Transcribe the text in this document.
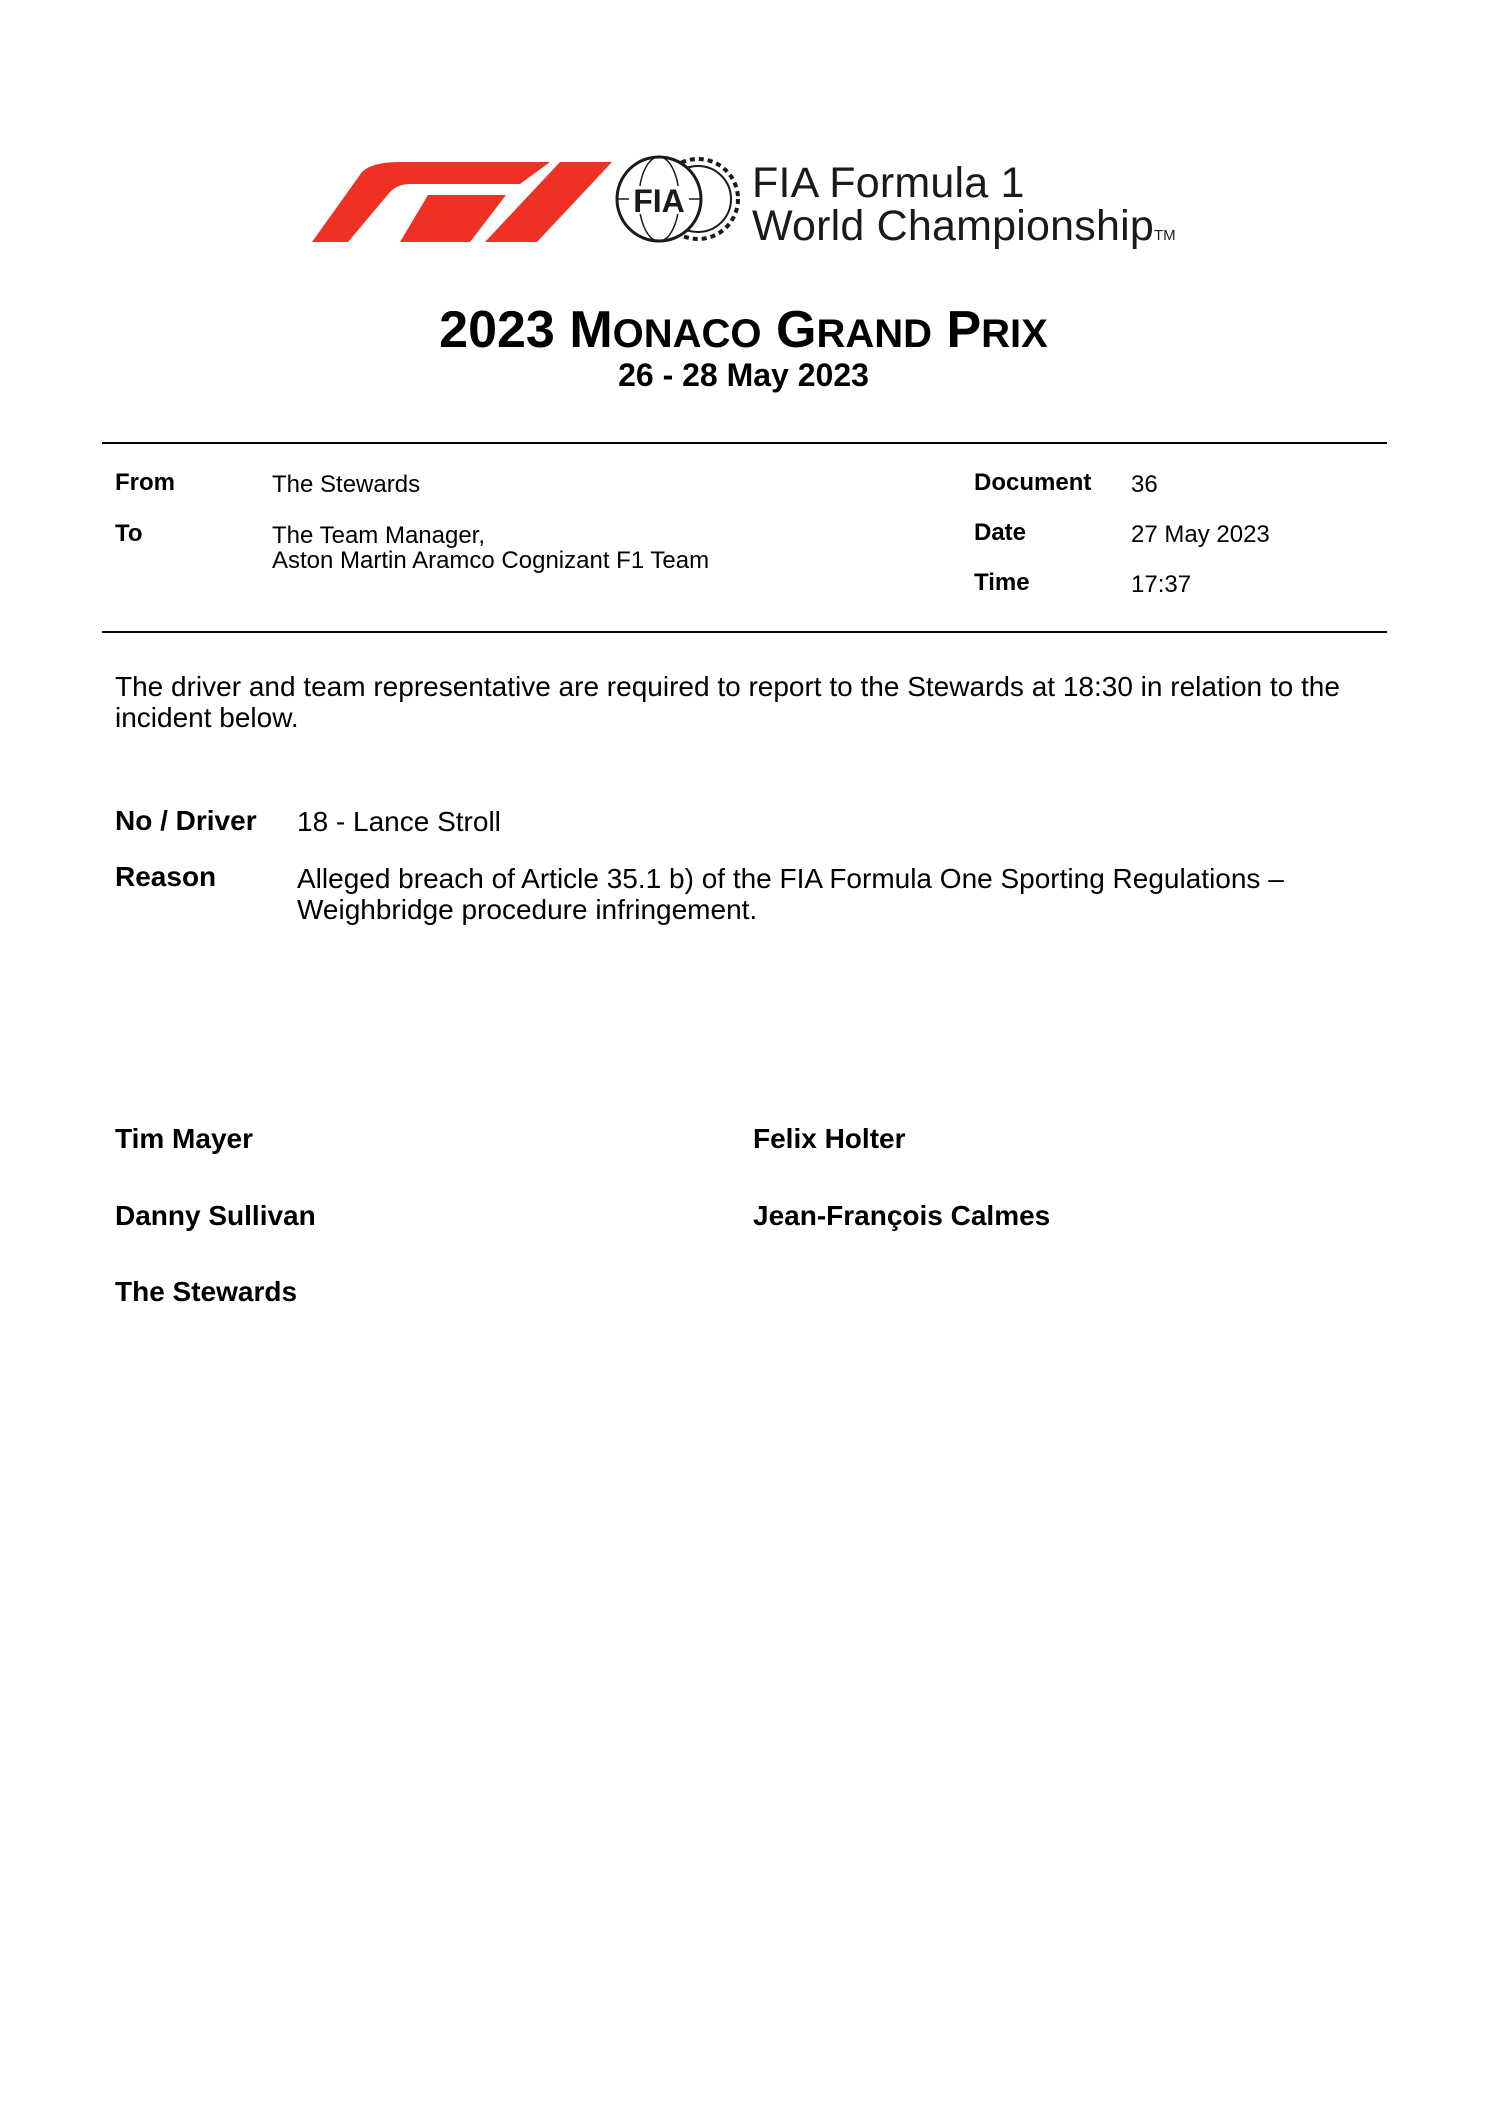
FIA FIA Formula 1
World ChampionshipTM
2023 MONACO GRAND PRIX
26 - 28 May 2023
From	The Stewards
To	The Team Manager,
Aston Martin Aramco Cognizant F1 Team
Document 36
Date	27 May 2023
Time	17:37
The driver and team representative are required to report to the Stewards at 18:30 in relation to the incident below.
No / Driver 18 - Lance Stroll
Reason	Alleged breach of Article 35.1 b) of the FIA Formula One Sporting Regulations – Weighbridge procedure infringement.
Tim Mayer	Felix Holter
Danny Sullivan	Jean-François Calmes
The Stewards
